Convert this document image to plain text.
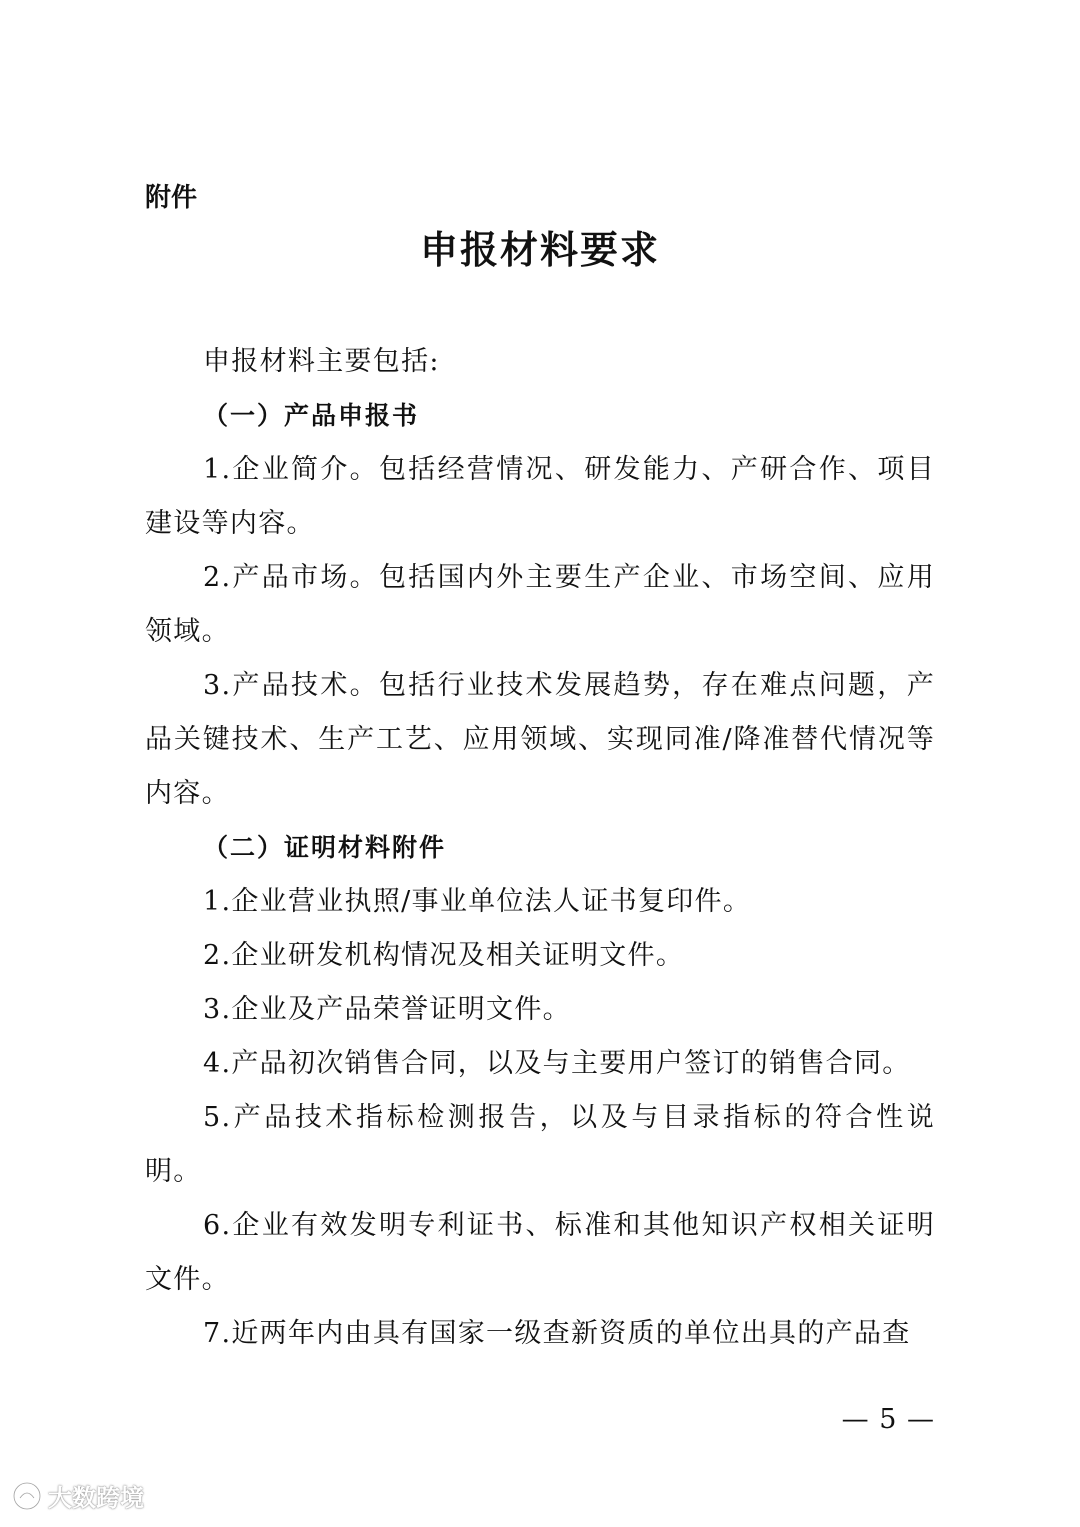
附件
申报材料要求

申报材料主要包括:

（一）产品申报书

1.企业简介。包括经营情况、研发能力、产研合作、项目建设等内容。

2.产品市场。包括国内外主要生产企业、市场空间、应用领域。

3.产品技术。包括行业技术发展趋势，存在难点问题，产品关键技术、生产工艺、应用领域、实现同准/降准替代情况等内容。

（二）证明材料附件

1.企业营业执照/事业单位法人证书复印件。

2.企业研发机构情况及相关证明文件。

3.企业及产品荣誉证明文件。

4.产品初次销售合同，以及与主要用户签订的销售合同。

5.产品技术指标检测报告，以及与目录指标的符合性说明。

6.企业有效发明专利证书、标准和其他知识产权相关证明文件。

7.近两年内由具有国家一级查新资质的单位出具的产品查

— 5 —
大数跨境
